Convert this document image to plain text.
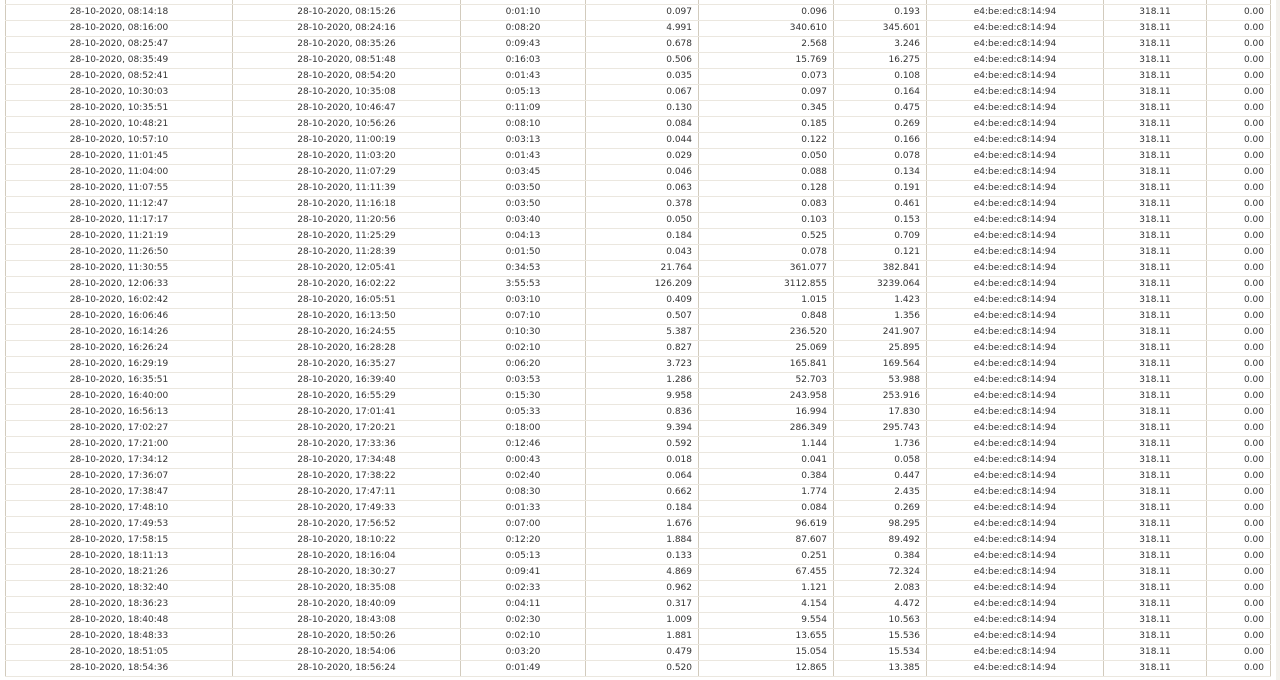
28-10-2020, 08:14:18	28-10-2020, 08:15:26	0:01:10	0.097	0.096	0.193	e4:be:ed:c8:14:94	318.11	0.00
28-10-2020, 08:16:00	28-10-2020, 08:24:16	0:08:20	4.991	340.610	345.601	e4:be:ed:c8:14:94	318.11	0.00
28-10-2020, 08:25:47	28-10-2020, 08:35:26	0:09:43	0.678	2.568	3.246	e4:be:ed:c8:14:94	318.11	0.00
28-10-2020, 08:35:49	28-10-2020, 08:51:48	0:16:03	0.506	15.769	16.275	e4:be:ed:c8:14:94	318.11	0.00
28-10-2020, 08:52:41	28-10-2020, 08:54:20	0:01:43	0.035	0.073	0.108	e4:be:ed:c8:14:94	318.11	0.00
28-10-2020, 10:30:03	28-10-2020, 10:35:08	0:05:13	0.067	0.097	0.164	e4:be:ed:c8:14:94	318.11	0.00
28-10-2020, 10:35:51	28-10-2020, 10:46:47	0:11:09	0.130	0.345	0.475	e4:be:ed:c8:14:94	318.11	0.00
28-10-2020, 10:48:21	28-10-2020, 10:56:26	0:08:10	0.084	0.185	0.269	e4:be:ed:c8:14:94	318.11	0.00
28-10-2020, 10:57:10	28-10-2020, 11:00:19	0:03:13	0.044	0.122	0.166	e4:be:ed:c8:14:94	318.11	0.00
28-10-2020, 11:01:45	28-10-2020, 11:03:20	0:01:43	0.029	0.050	0.078	e4:be:ed:c8:14:94	318.11	0.00
28-10-2020, 11:04:00	28-10-2020, 11:07:29	0:03:45	0.046	0.088	0.134	e4:be:ed:c8:14:94	318.11	0.00
28-10-2020, 11:07:55	28-10-2020, 11:11:39	0:03:50	0.063	0.128	0.191	e4:be:ed:c8:14:94	318.11	0.00
28-10-2020, 11:12:47	28-10-2020, 11:16:18	0:03:50	0.378	0.083	0.461	e4:be:ed:c8:14:94	318.11	0.00
28-10-2020, 11:17:17	28-10-2020, 11:20:56	0:03:40	0.050	0.103	0.153	e4:be:ed:c8:14:94	318.11	0.00
28-10-2020, 11:21:19	28-10-2020, 11:25:29	0:04:13	0.184	0.525	0.709	e4:be:ed:c8:14:94	318.11	0.00
28-10-2020, 11:26:50	28-10-2020, 11:28:39	0:01:50	0.043	0.078	0.121	e4:be:ed:c8:14:94	318.11	0.00
28-10-2020, 11:30:55	28-10-2020, 12:05:41	0:34:53	21.764	361.077	382.841	e4:be:ed:c8:14:94	318.11	0.00
28-10-2020, 12:06:33	28-10-2020, 16:02:22	3:55:53	126.209	3112.855	3239.064	e4:be:ed:c8:14:94	318.11	0.00
28-10-2020, 16:02:42	28-10-2020, 16:05:51	0:03:10	0.409	1.015	1.423	e4:be:ed:c8:14:94	318.11	0.00
28-10-2020, 16:06:46	28-10-2020, 16:13:50	0:07:10	0.507	0.848	1.356	e4:be:ed:c8:14:94	318.11	0.00
28-10-2020, 16:14:26	28-10-2020, 16:24:55	0:10:30	5.387	236.520	241.907	e4:be:ed:c8:14:94	318.11	0.00
28-10-2020, 16:26:24	28-10-2020, 16:28:28	0:02:10	0.827	25.069	25.895	e4:be:ed:c8:14:94	318.11	0.00
28-10-2020, 16:29:19	28-10-2020, 16:35:27	0:06:20	3.723	165.841	169.564	e4:be:ed:c8:14:94	318.11	0.00
28-10-2020, 16:35:51	28-10-2020, 16:39:40	0:03:53	1.286	52.703	53.988	e4:be:ed:c8:14:94	318.11	0.00
28-10-2020, 16:40:00	28-10-2020, 16:55:29	0:15:30	9.958	243.958	253.916	e4:be:ed:c8:14:94	318.11	0.00
28-10-2020, 16:56:13	28-10-2020, 17:01:41	0:05:33	0.836	16.994	17.830	e4:be:ed:c8:14:94	318.11	0.00
28-10-2020, 17:02:27	28-10-2020, 17:20:21	0:18:00	9.394	286.349	295.743	e4:be:ed:c8:14:94	318.11	0.00
28-10-2020, 17:21:00	28-10-2020, 17:33:36	0:12:46	0.592	1.144	1.736	e4:be:ed:c8:14:94	318.11	0.00
28-10-2020, 17:34:12	28-10-2020, 17:34:48	0:00:43	0.018	0.041	0.058	e4:be:ed:c8:14:94	318.11	0.00
28-10-2020, 17:36:07	28-10-2020, 17:38:22	0:02:40	0.064	0.384	0.447	e4:be:ed:c8:14:94	318.11	0.00
28-10-2020, 17:38:47	28-10-2020, 17:47:11	0:08:30	0.662	1.774	2.435	e4:be:ed:c8:14:94	318.11	0.00
28-10-2020, 17:48:10	28-10-2020, 17:49:33	0:01:33	0.184	0.084	0.269	e4:be:ed:c8:14:94	318.11	0.00
28-10-2020, 17:49:53	28-10-2020, 17:56:52	0:07:00	1.676	96.619	98.295	e4:be:ed:c8:14:94	318.11	0.00
28-10-2020, 17:58:15	28-10-2020, 18:10:22	0:12:20	1.884	87.607	89.492	e4:be:ed:c8:14:94	318.11	0.00
28-10-2020, 18:11:13	28-10-2020, 18:16:04	0:05:13	0.133	0.251	0.384	e4:be:ed:c8:14:94	318.11	0.00
28-10-2020, 18:21:26	28-10-2020, 18:30:27	0:09:41	4.869	67.455	72.324	e4:be:ed:c8:14:94	318.11	0.00
28-10-2020, 18:32:40	28-10-2020, 18:35:08	0:02:33	0.962	1.121	2.083	e4:be:ed:c8:14:94	318.11	0.00
28-10-2020, 18:36:23	28-10-2020, 18:40:09	0:04:11	0.317	4.154	4.472	e4:be:ed:c8:14:94	318.11	0.00
28-10-2020, 18:40:48	28-10-2020, 18:43:08	0:02:30	1.009	9.554	10.563	e4:be:ed:c8:14:94	318.11	0.00
28-10-2020, 18:48:33	28-10-2020, 18:50:26	0:02:10	1.881	13.655	15.536	e4:be:ed:c8:14:94	318.11	0.00
28-10-2020, 18:51:05	28-10-2020, 18:54:06	0:03:20	0.479	15.054	15.534	e4:be:ed:c8:14:94	318.11	0.00
28-10-2020, 18:54:36	28-10-2020, 18:56:24	0:01:49	0.520	12.865	13.385	e4:be:ed:c8:14:94	318.11	0.00
